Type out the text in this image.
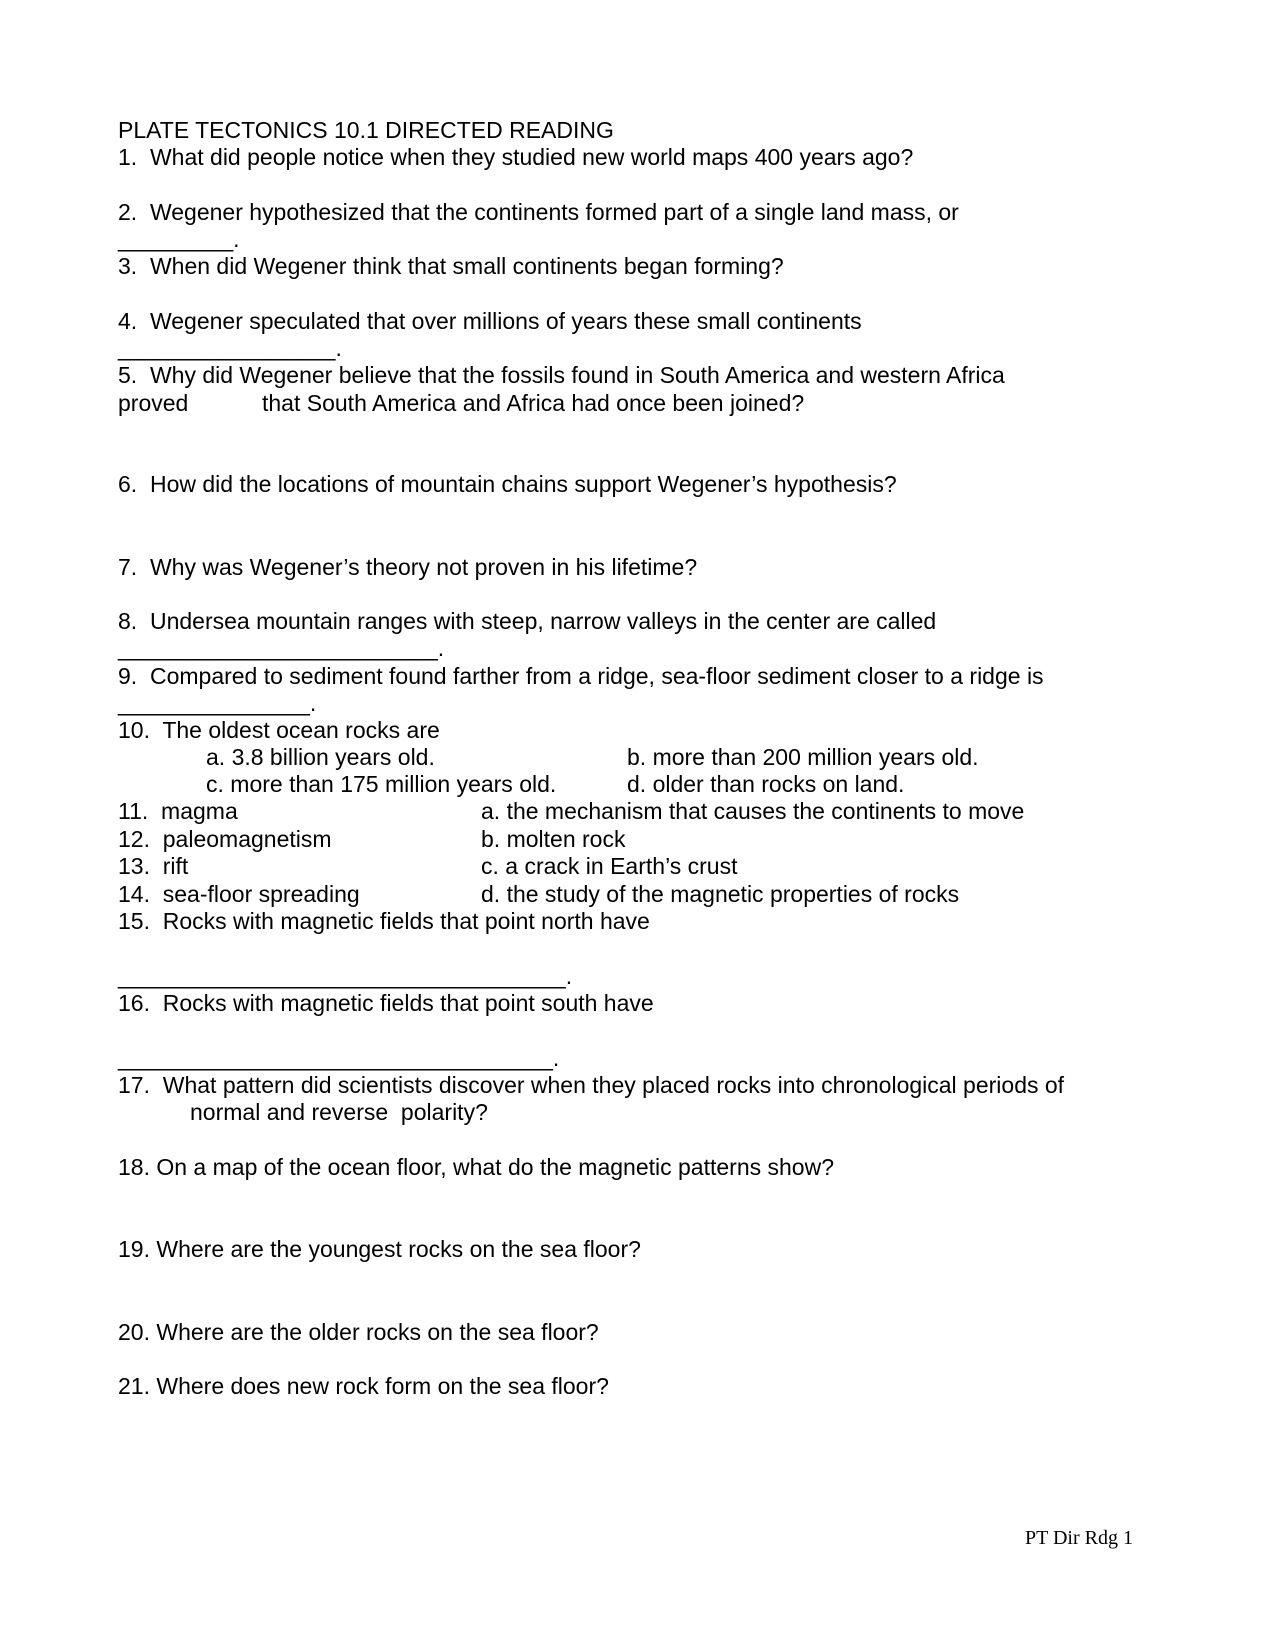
PLATE TECTONICS 10.1 DIRECTED READING
1.  What did people notice when they studied new world maps 400 years ago?
2.  Wegener hypothesized that the continents formed part of a single land mass, or
_________.
3.  When did Wegener think that small continents began forming?
4.  Wegener speculated that over millions of years these small continents
_________________.
5.  Why did Wegener believe that the fossils found in South America and western Africa
proved	that South America and Africa had once been joined?
6.  How did the locations of mountain chains support Wegener’s hypothesis?
7.  Why was Wegener’s theory not proven in his lifetime?
8.  Undersea mountain ranges with steep, narrow valleys in the center are called
_________________________.
9.  Compared to sediment found farther from a ridge, sea-floor sediment closer to a ridge is
_______________.
10.  The oldest ocean rocks are
a. 3.8 billion years old.	b. more than 200 million years old.
c. more than 175 million years old.	d. older than rocks on land.
11.  magma	a. the mechanism that causes the continents to move
12.  paleomagnetism	b. molten rock
13.  rift	c. a crack in Earth’s crust
14.  sea-floor spreading	d. the study of the magnetic properties of rocks
15.  Rocks with magnetic fields that point north have
___________________________________.
16.  Rocks with magnetic fields that point south have
__________________________________.
17.  What pattern did scientists discover when they placed rocks into chronological periods of
normal and reverse  polarity?
18. On a map of the ocean floor, what do the magnetic patterns show?
19. Where are the youngest rocks on the sea floor?
20. Where are the older rocks on the sea floor?
21. Where does new rock form on the sea floor?
PT Dir Rdg 1
